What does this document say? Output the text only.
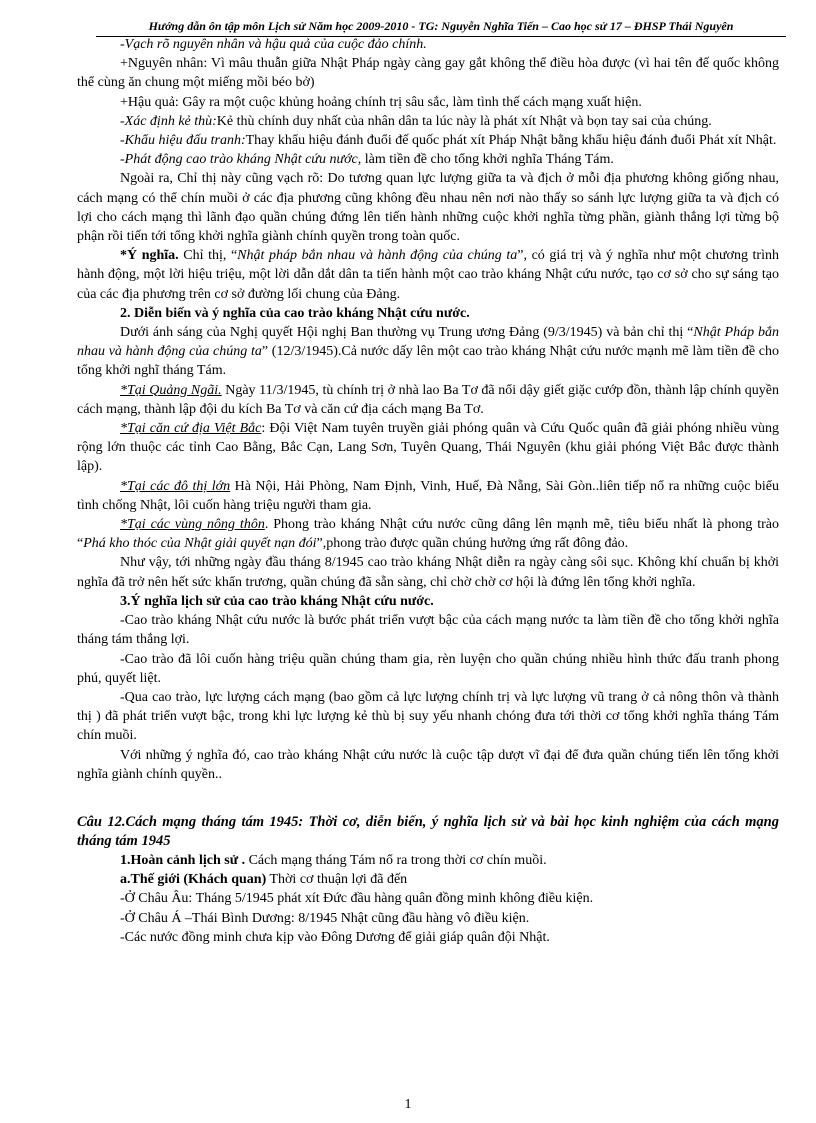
Hướng dẫn ôn tập môn Lịch sử Năm học 2009-2010 - TG: Nguyễn Nghĩa Tiến – Cao học sử 17 – ĐHSP Thái Nguyên

-Vạch rõ nguyên nhân và hậu quả của cuộc đảo chính.

+Nguyên nhân: Vì mâu thuẫn giữa Nhật Pháp ngày càng gay gắt không thể điều hòa được (vì hai tên đế quốc không thể cùng ăn chung một miếng mồi béo bở)

+Hậu quả: Gây ra một cuộc khủng hoảng chính trị sâu sắc, làm tình thế cách mạng xuất hiện.

-Xác định kẻ thù:Kẻ thù chính duy nhất của nhân dân ta lúc này là phát xít Nhật và bọn tay sai của chúng.

-Khẩu hiệu đấu tranh:Thay khẩu hiệu đánh đuổi đế quốc phát xít Pháp Nhật bằng khẩu hiệu đánh đuổi Phát xít Nhật.

-Phát động cao trào kháng Nhật cứu nước, làm tiền đề cho tổng khởi nghĩa Tháng Tám.

Ngoài ra, Chỉ thị này cũng vạch rõ: Do tương quan lực lượng giữa ta và địch ở mỗi địa phương không giống nhau, cách mạng có thể chín muồi ở các địa phương cũng không đều nhau nên nơi nào thấy so sánh lực lượng giữa ta và địch có lợi cho cách mạng thì lãnh đạo quần chúng đứng lên tiến hành những cuộc khởi nghĩa từng phần, giành thắng lợi từng bộ phận rồi tiến tới tổng khởi nghĩa giành chính quyền trong toàn quốc.

*Ý nghĩa. Chỉ thị, “Nhật pháp bắn nhau và hành động của chúng ta”, có giá trị và ý nghĩa như một chương trình hành động, một lời hiệu triệu, một lời dẫn dắt dân ta tiến hành một cao trào kháng Nhật cứu nước, tạo cơ sở cho sự sáng tạo của các địa phương trên cơ sở đường lối chung của Đảng.

2. Diễn biến và ý nghĩa của cao trào kháng Nhật cứu nước.

Dưới ánh sáng của Nghị quyết Hội nghị Ban thường vụ Trung ương Đảng (9/3/1945) và bản chỉ thị “Nhật Pháp bắn nhau và hành động của chúng ta” (12/3/1945).Cả nước dấy lên một cao trào kháng Nhật cứu nước mạnh mẽ làm tiền đề cho tổng khởi nghĩ tháng Tám.

*Tại Quảng Ngãi. Ngày 11/3/1945, tù chính trị ở nhà lao Ba Tơ đã nổi dậy giết giặc cướp đồn, thành lập chính quyền cách mạng, thành lập đội du kích Ba Tơ và căn cứ địa cách mạng Ba Tơ.

*Tại căn cứ địa Việt Bắc: Đội Việt Nam tuyên truyền giải phóng quân và Cứu Quốc quân đã giải phóng nhiều vùng rộng lớn thuộc các tỉnh Cao Bằng, Bắc Cạn, Lang Sơn, Tuyên Quang, Thái Nguyên (khu giải phóng Việt Bắc được thành lập).

*Tại các đô thị lớn Hà Nội, Hải Phòng, Nam Định, Vinh, Huế, Đà Nẵng, Sài Gòn..liên tiếp nổ ra những cuộc biểu tình chống Nhật, lôi cuốn hàng triệu người tham gia.

*Tại các vùng nông thôn. Phong trào kháng Nhật cứu nước cũng dâng lên mạnh mẽ, tiêu biểu nhất là phong trào “Phá kho thóc của Nhật giải quyết nạn đói”,phong trào được quần chúng hưởng ứng rất đông đảo.

Như vậy, tới những ngày đầu tháng 8/1945 cao trào kháng Nhật diễn ra ngày càng sôi sục. Không khí chuẩn bị khởi nghĩa đã trở nên hết sức khẩn trương, quần chúng đã sẵn sàng, chỉ chờ chờ cơ hội là đứng lên tổng khởi nghĩa.

3.Ý nghĩa lịch sử của cao trào kháng Nhật cứu nước.

-Cao trào kháng Nhật cứu nước là bước phát triển vượt bậc của cách mạng nước ta làm tiền đề cho tổng khởi nghĩa tháng tám thắng lợi.

-Cao trào đã lôi cuốn hàng triệu quần chúng tham gia, rèn luyện cho quần chúng nhiều hình thức đấu tranh phong phú, quyết liệt.

-Qua cao trào, lực lượng cách mạng (bao gồm cả lực lượng chính trị và lực lượng vũ trang ở cả nông thôn và thành thị ) đã phát triển vượt bậc, trong khi lực lượng kẻ thù bị suy yếu nhanh chóng đưa tới thời cơ tổng khởi nghĩa tháng Tám chín muồi.

Với những ý nghĩa đó, cao trào kháng Nhật cứu nước là cuộc tập dượt vĩ đại để đưa quần chúng tiến lên tổng khởi nghĩa giành chính quyền..

Câu 12.Cách mạng tháng tám 1945: Thời cơ, diễn biến, ý nghĩa lịch sử và bài học kinh nghiệm của cách mạng tháng tám 1945

1.Hoàn cảnh lịch sử . Cách mạng tháng Tám nổ ra trong thời cơ chín muồi.

a.Thế giới (Khách quan) Thời cơ thuận lợi đã đến

-Ở Châu Âu: Tháng 5/1945 phát xít Đức đầu hàng quân đồng minh không điều kiện.

-Ở Châu Á –Thái Bình Dương: 8/1945 Nhật cũng đầu hàng vô điều kiện.

-Các nước đồng minh chưa kịp vào Đông Dương để giải giáp quân đội Nhật.

1
